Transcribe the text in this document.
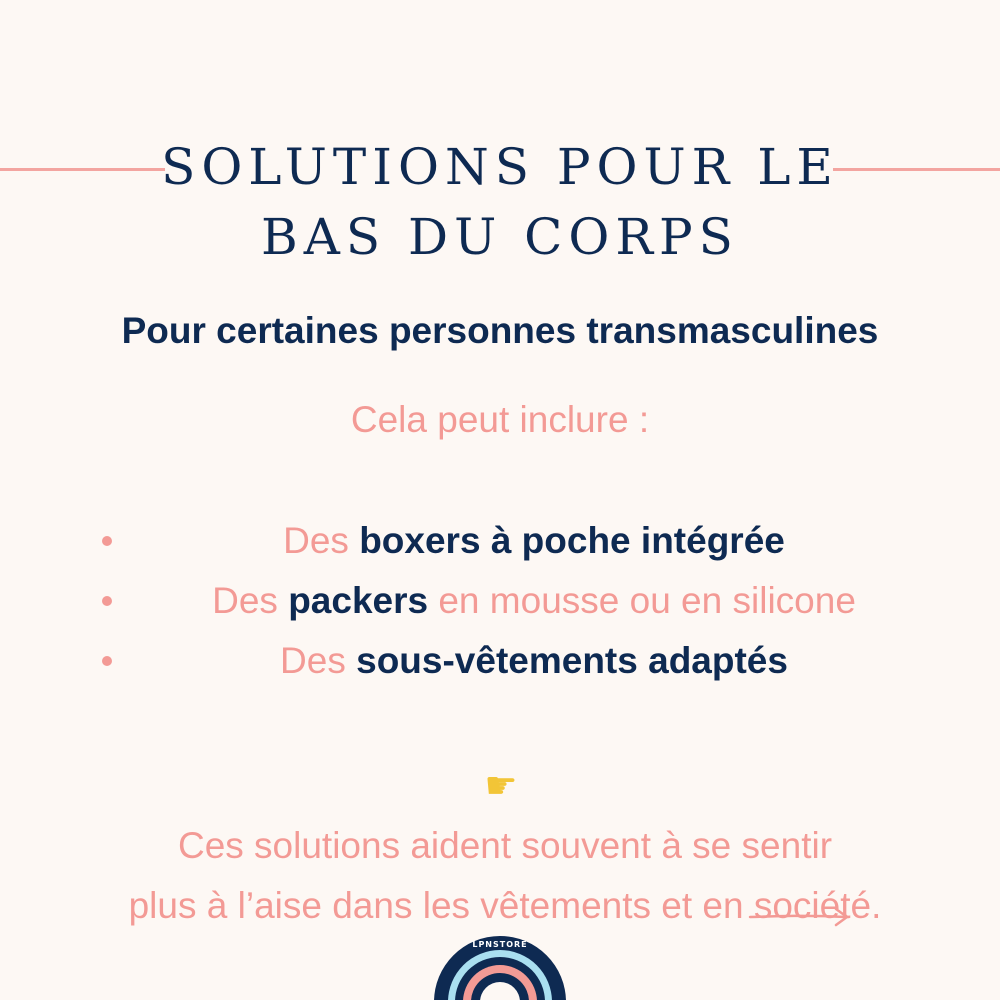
SOLUTIONS POUR LE
BAS DU CORPS
Pour certaines personnes transmasculines
Cela peut inclure :
Des boxers à poche intégrée
Des packers en mousse ou en silicone
Des sous-vêtements adaptés
☛
Ces solutions aident souvent à se sentir
plus à l’aise dans les vêtements et en société.
LPNSTORE
